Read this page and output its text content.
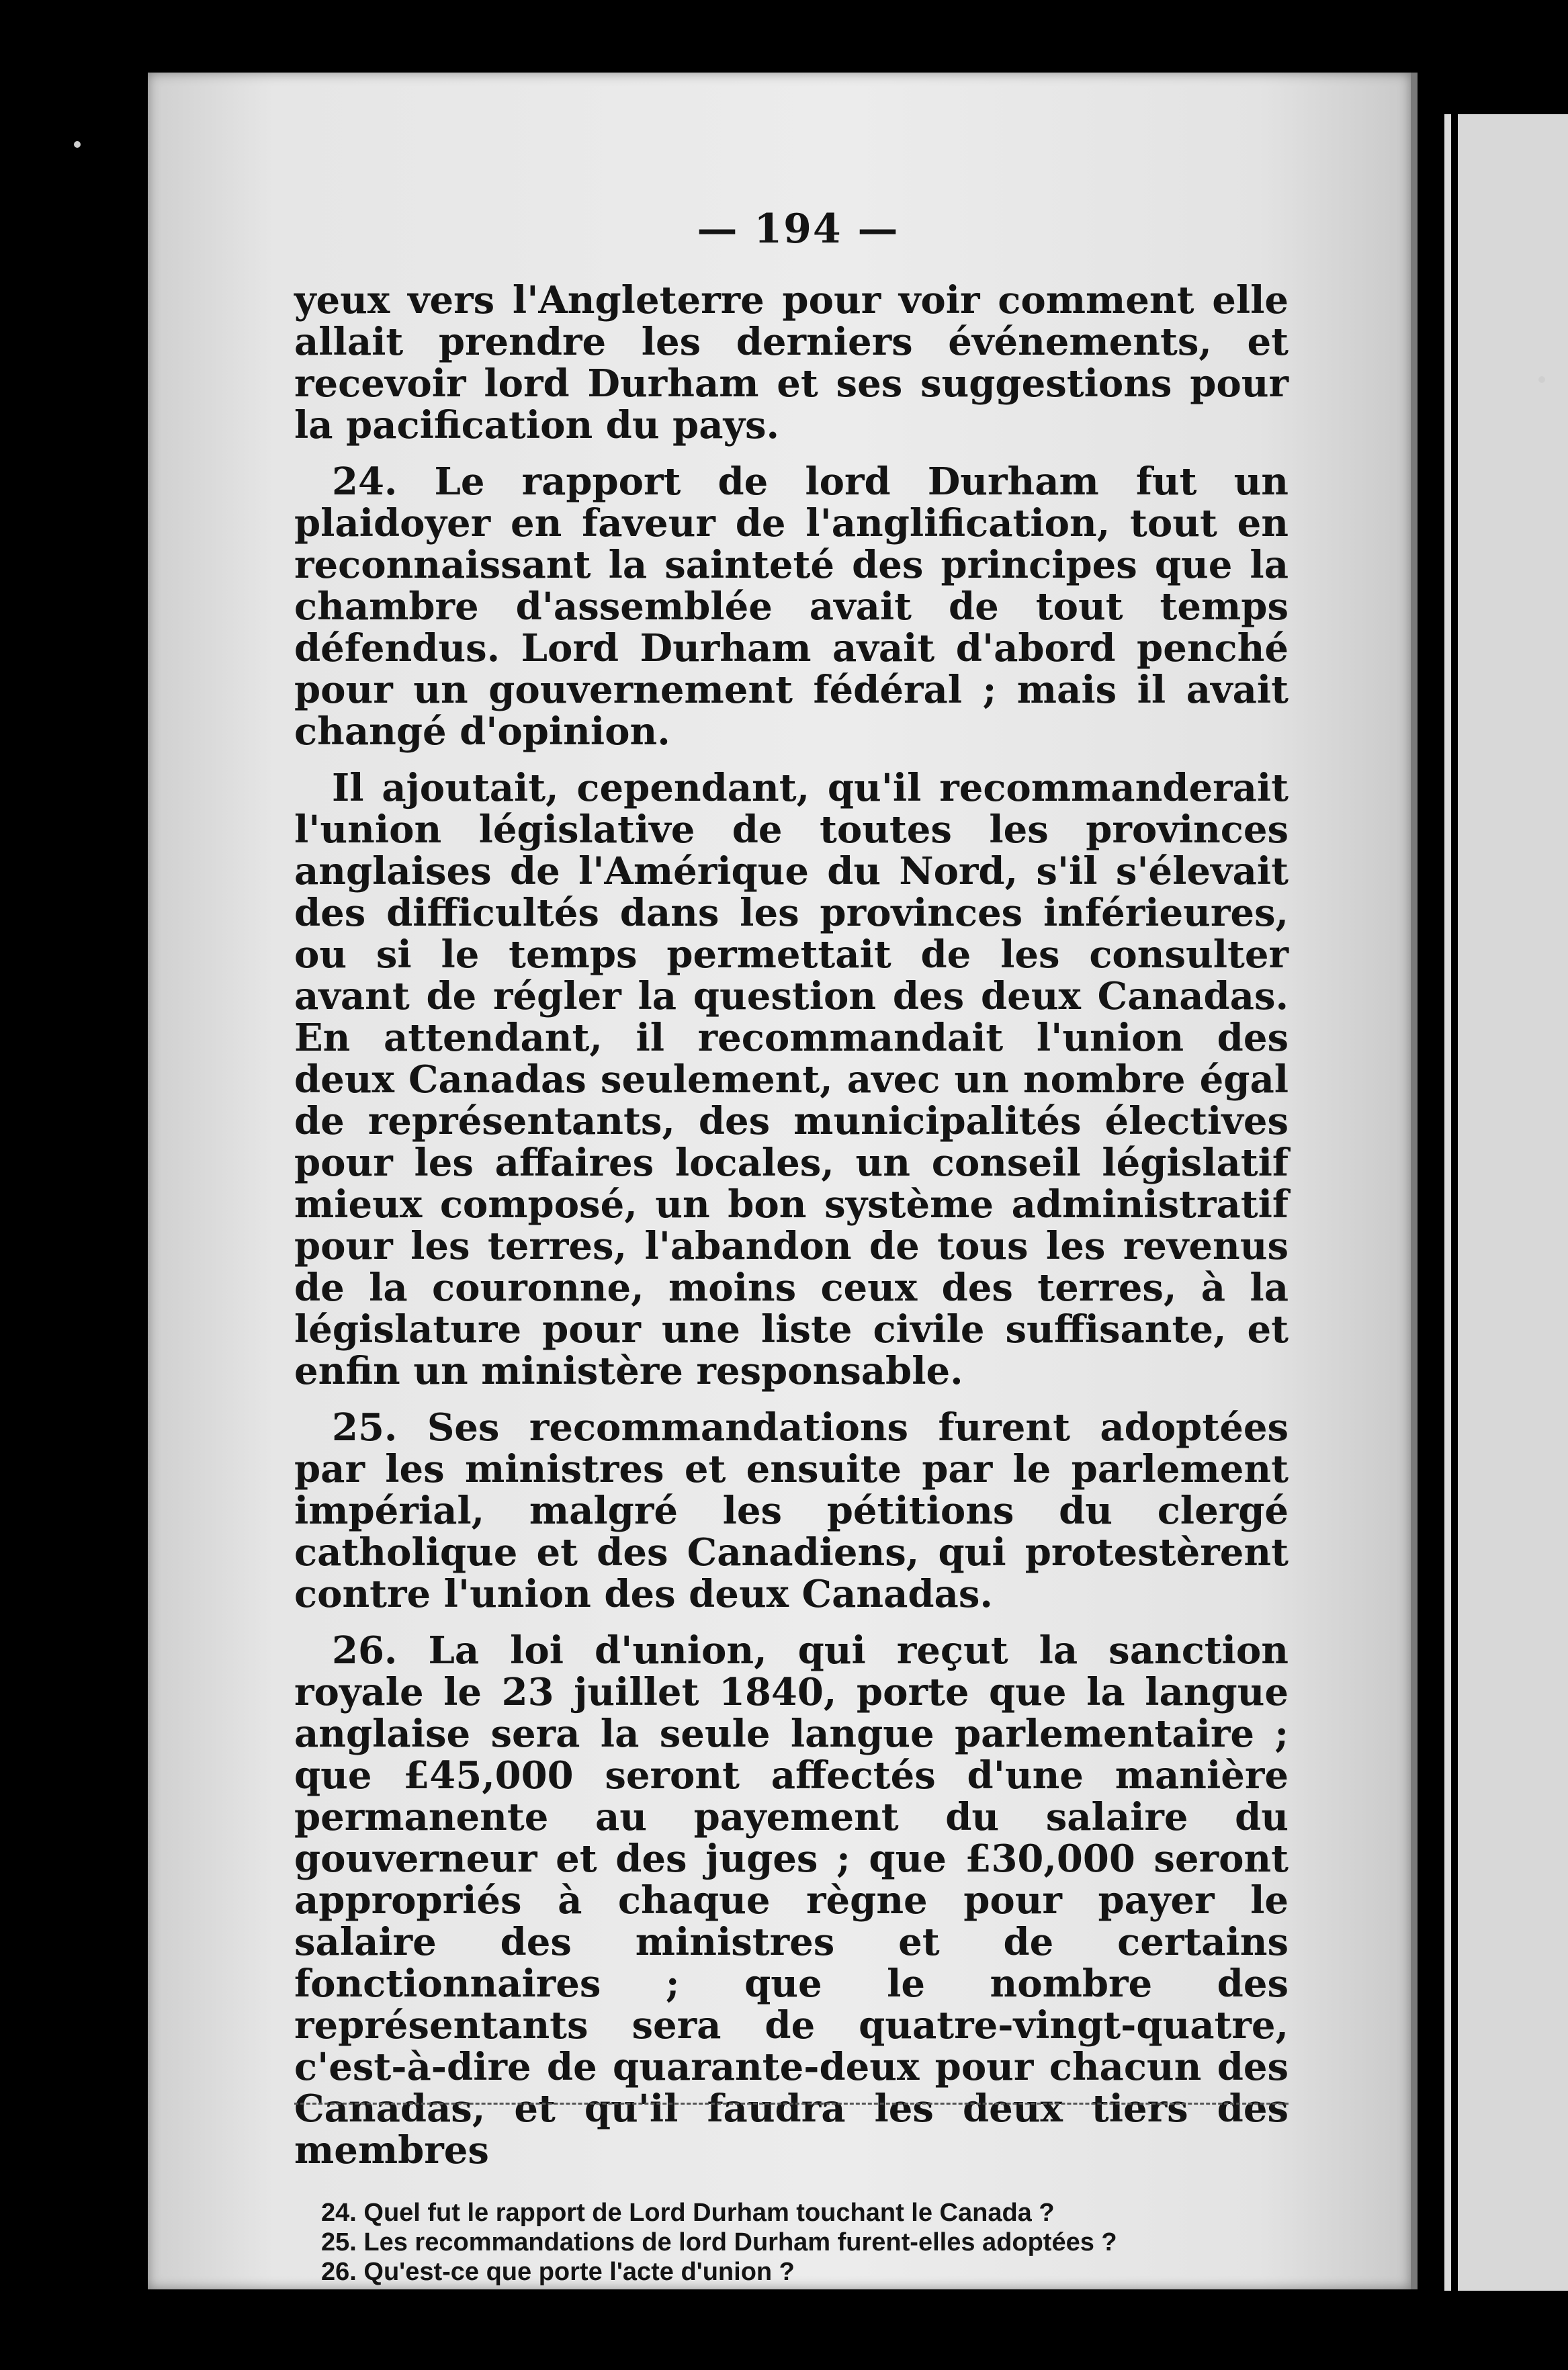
— 194 —

yeux vers l'Angleterre pour voir comment elle allait prendre les derniers événements, et recevoir lord Durham et ses suggestions pour la pacification du pays.

24. Le rapport de lord Durham fut un plaidoyer en faveur de l'anglification, tout en reconnaissant la sainteté des principes que la chambre d'assemblée avait de tout temps défendus. Lord Durham avait d'abord penché pour un gouvernement fédéral ; mais il avait changé d'opinion.

Il ajoutait, cependant, qu'il recommanderait l'union législative de toutes les provinces anglaises de l'Amérique du Nord, s'il s'élevait des difficultés dans les provinces inférieures, ou si le temps permettait de les consulter avant de régler la question des deux Canadas. En attendant, il recommandait l'union des deux Canadas seulement, avec un nombre égal de représentants, des municipalités électives pour les affaires locales, un conseil législatif mieux composé, un bon système administratif pour les terres, l'abandon de tous les revenus de la couronne, moins ceux des terres, à la législature pour une liste civile suffisante, et enfin un ministère responsable.

25. Ses recommandations furent adoptées par les ministres et ensuite par le parlement impérial, malgré les pétitions du clergé catholique et des Canadiens, qui protestèrent contre l'union des deux Canadas.

26. La loi d'union, qui reçut la sanction royale le 23 juillet 1840, porte que la langue anglaise sera la seule langue parlementaire ; que £45,000 seront affectés d'une manière permanente au payement du salaire du gouverneur et des juges ; que £30,000 seront appropriés à chaque règne pour payer le salaire des ministres et de certains fonctionnaires ; que le nombre des représentants sera de quatre-vingt-quatre, c'est-à-dire de quarante-deux pour chacun des Canadas, et qu'il faudra les deux tiers des membres

24. Quel fut le rapport de Lord Durham touchant le Canada ?

25. Les recommandations de lord Durham furent-elles adoptées ?

26. Qu'est-ce que porte l'acte d'union ?
